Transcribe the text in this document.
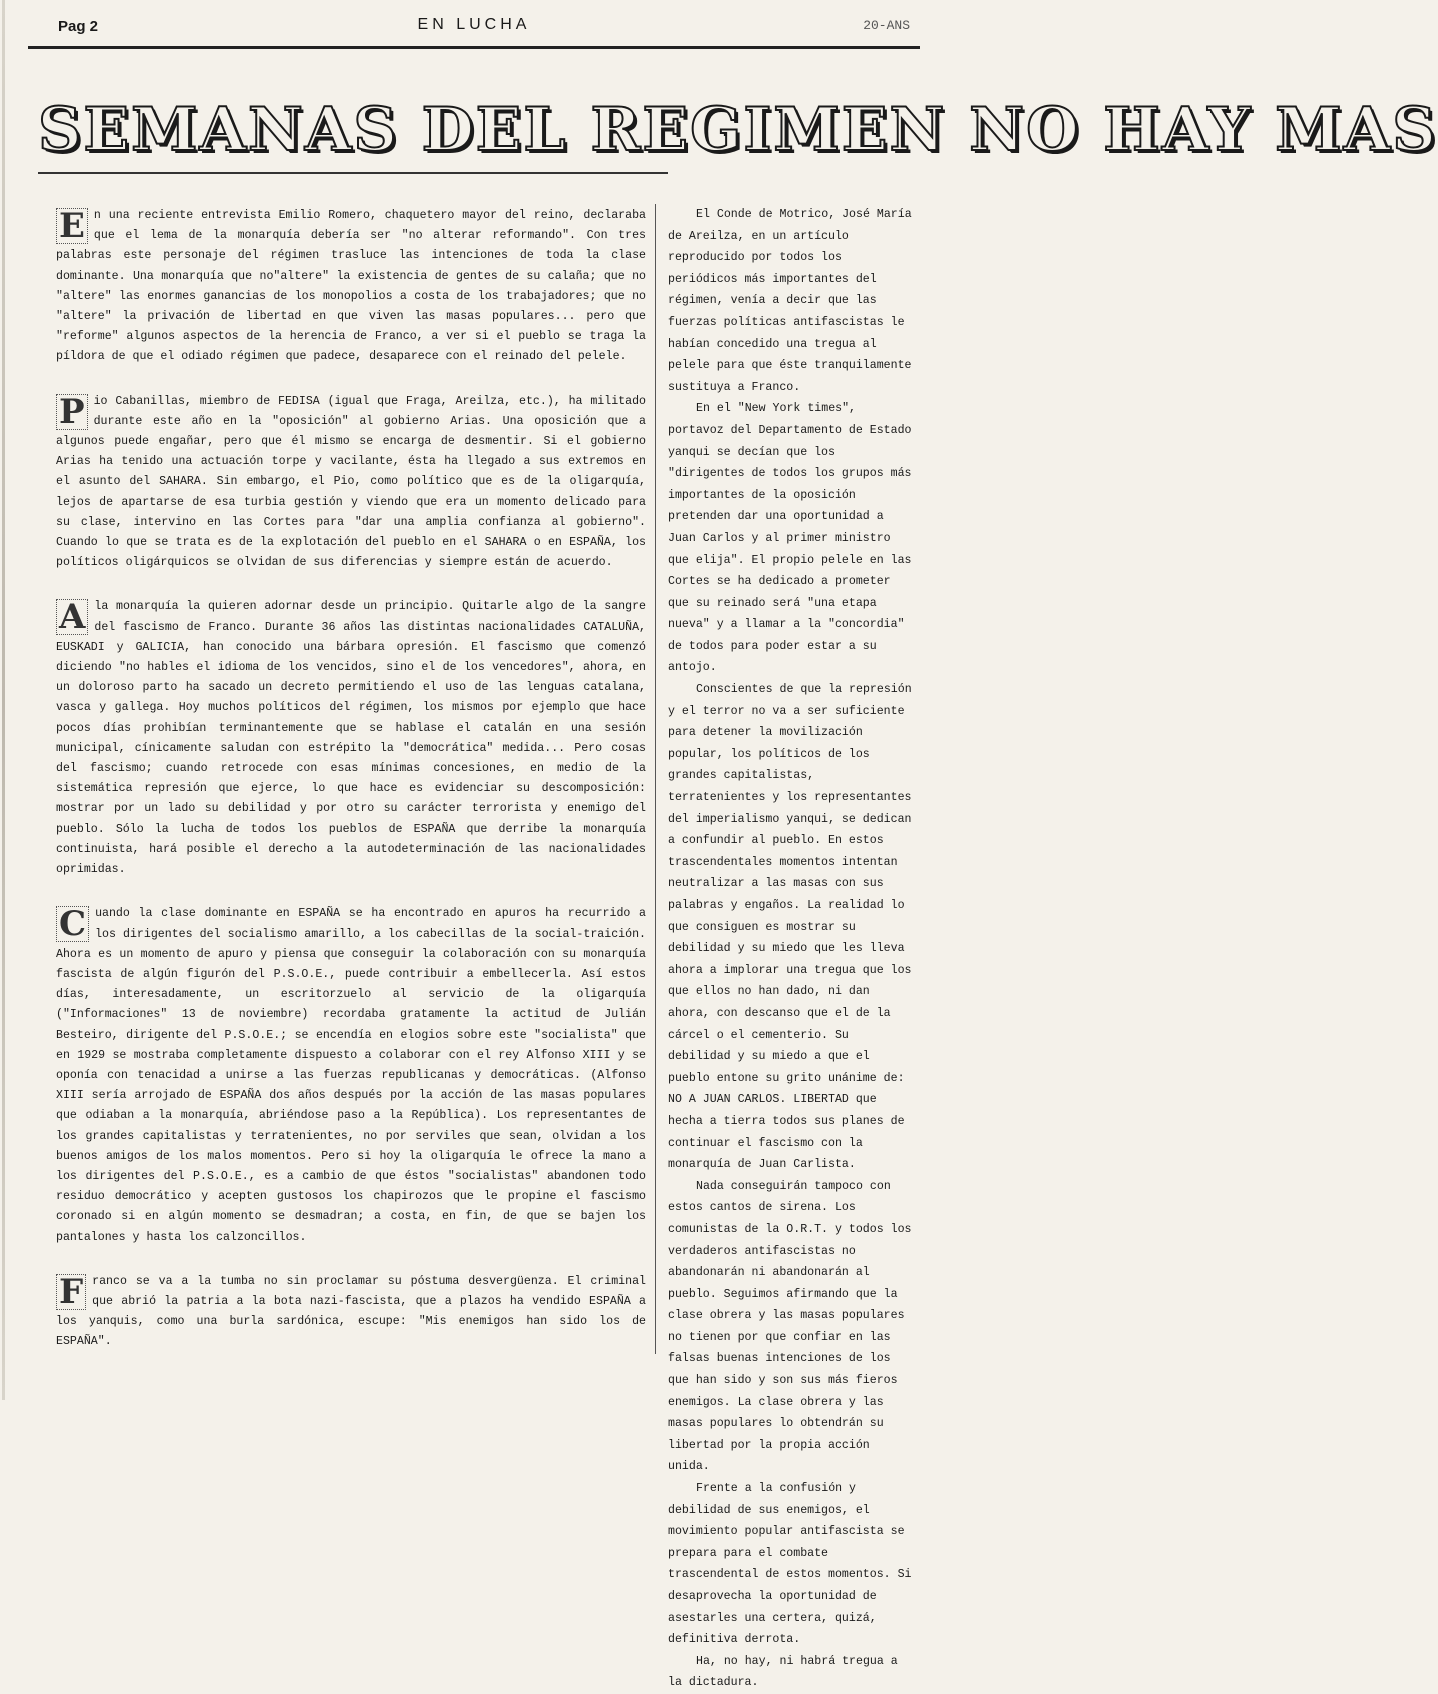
Pag 2	EN LUCHA	20-ANS
SEMANAS DEL REGIMEN NO HAY MAS

E n una reciente entrevista Emilio Romero, chaquetero mayor del reino, declaraba que el lema de la monarquía debería ser "no alterar reformando". Con tres palabras este personaje del régimen trasluce las intenciones de toda la clase dominante. Una monarquía que no"altere" la existencia de gentes de su calaña; que no "altere" las enormes ganancias de los monopolios a costa de los trabajadores; que no "altere" la privación de libertad en que viven las masas populares... pero que "reforme" algunos aspectos de la herencia de Franco, a ver si el pueblo se traga la píldora de que el odiado régimen que padece, desaparece con el reinado del pelele.

P io Cabanillas, miembro de FEDISA (igual que Fraga, Areilza, etc.), ha militado durante este año en la "oposición" al gobierno Arias. Una oposición que a algunos puede engañar, pero que él mismo se encarga de desmentir. Si el gobierno Arias ha tenido una actuación torpe y vacilante, ésta ha llegado a sus extremos en el asunto del SAHARA. Sin embargo, el Pio, como político que es de la oligarquía, lejos de apartarse de esa turbia gestión y viendo que era un momento delicado para su clase, intervino en las Cortes para "dar una amplia confianza al gobierno". Cuando lo que se trata es de la explotación del pueblo en el SAHARA o en ESPAÑA, los políticos oligárquicos se olvidan de sus diferencias y siempre están de acuerdo.

A la monarquía la quieren adornar desde un principio. Quitarle algo de la sangre del fascismo de Franco. Durante 36 años las distintas nacionalidades CATALUÑA, EUSKADI y GALICIA, han conocido una bárbara opresión. El fascismo que comenzó diciendo "no hables el idioma de los vencidos, sino el de los vencedores", ahora, en un doloroso parto ha sacado un decreto permitiendo el uso de las lenguas catalana, vasca y gallega. Hoy muchos políticos del régimen, los mismos por ejemplo que hace pocos días prohibían terminantemente que se hablase el catalán en una sesión municipal, cínicamente saludan con estrépito la "democrática" medida... Pero cosas del fascismo; cuando retrocede con esas mínimas concesiones, en medio de la sistemática represión que ejerce, lo que hace es evidenciar su descomposición: mostrar por un lado su debilidad y por otro su carácter terrorista y enemigo del pueblo. Sólo la lucha de todos los pueblos de ESPAÑA que derribe la monarquía continuista, hará posible el derecho a la autodeterminación de las nacionalidades oprimidas.

C uando la clase dominante en ESPAÑA se ha encontrado en apuros ha recurrido a los dirigentes del socialismo amarillo, a los cabecillas de la social-traición. Ahora es un momento de apuro y piensa que conseguir la colaboración con su monarquía fascista de algún figurón del P.S.O.E., puede contribuir a embellecerla. Así estos días, interesadamente, un escritorzuelo al servicio de la oligarquía ("Informaciones" 13 de noviembre) recordaba gratamente la actitud de Julián Besteiro, dirigente del P.S.O.E.; se encendía en elogios sobre este "socialista" que en 1929 se mostraba completamente dispuesto a colaborar con el rey Alfonso XIII y se oponía con tenacidad a unirse a las fuerzas republicanas y democráticas. (Alfonso XIII sería arrojado de ESPAÑA dos años después por la acción de las masas populares que odiaban a la monarquía, abriéndose paso a la República). Los representantes de los grandes capitalistas y terratenientes, no por serviles que sean, olvidan a los buenos amigos de los malos momentos. Pero si hoy la oligarquía le ofrece la mano a los dirigentes del P.S.O.E., es a cambio de que éstos "socialistas" abandonen todo residuo democrático y acepten gustosos los chapirozos que le propine el fascismo coronado si en algún momento se desmadran; a costa, en fin, de que se bajen los pantalones y hasta los calzoncillos.

F ranco se va a la tumba no sin proclamar su póstuma desvergüenza. El criminal que abrió la patria a la bota nazi-fascista, que a plazos ha vendido ESPAÑA a los yanquis, como una burla sardónica, escupe: "Mis enemigos han sido los de ESPAÑA".

El Conde de Motrico, José María de Areilza, en un artículo reproducido por todos los periódicos más importantes del régimen, venía a decir que las fuerzas políticas antifascistas le habían concedido una tregua al pelele para que éste tranquilamente sustituya a Franco.

En el "New York times", portavoz del Departamento de Estado yanqui se decían que los "dirigentes de todos los grupos más importantes de la oposición pretenden dar una oportunidad a Juan Carlos y al primer ministro que elija". El propio pelele en las Cortes se ha dedicado a prometer que su reinado será "una etapa nueva" y a llamar a la "concordia" de todos para poder estar a su antojo.

Conscientes de que la represión y el terror no va a ser suficiente para detener la movilización popular, los políticos de los grandes capitalistas, terratenientes y los representantes del imperialismo yanqui, se dedican a confundir al pueblo. En estos trascendentales momentos intentan neutralizar a las masas con sus palabras y engaños. La realidad lo que consiguen es mostrar su debilidad y su miedo que les lleva ahora a implorar una tregua que los que ellos no han dado, ni dan ahora, con descanso que el de la cárcel o el cementerio. Su debilidad y su miedo a que el pueblo entone su grito unánime de: NO A JUAN CARLOS. LIBERTAD que hecha a tierra todos sus planes de continuar el fascismo con la monarquía de Juan Carlista.

Nada conseguirán tampoco con estos cantos de sirena. Los comunistas de la O.R.T. y todos los verdaderos antifascistas no abandonarán ni abandonarán al pueblo. Seguimos afirmando que la clase obrera y las masas populares no tienen por que confiar en las falsas buenas intenciones de los que han sido y son sus más fieros enemigos. La clase obrera y las masas populares lo obtendrán su libertad por la propia acción unida.

Frente a la confusión y debilidad de sus enemigos, el movimiento popular antifascista se prepara para el combate trascendental de estos momentos. Si desaprovecha la oportunidad de asestarles una certera, quizá, definitiva derrota.

Ha, no hay, ni habrá tregua a la dictadura.
